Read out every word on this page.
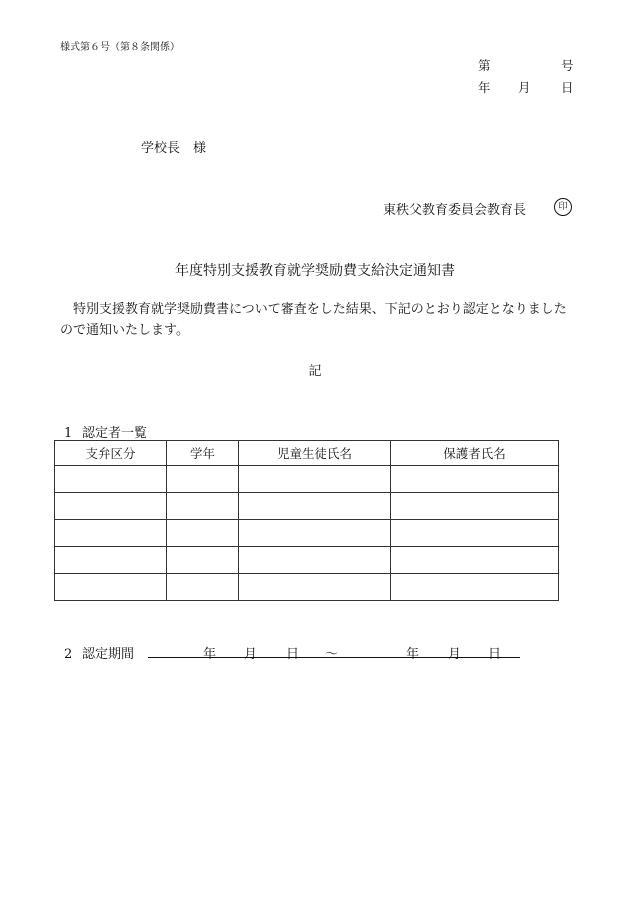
様式第６号（第８条関係）
第	号
年 月 日
学校長 様
東秩父教育委員会教育長	印
年度特別支援教育就学奨励費支給決定通知書
特別支援教育就学奨励費書について審査をした結果、下記のとおり認定となりましたので通知いたします。
記
1 認定者一覧
支弁区分	学年	児童生徒氏名	保護者氏名

2 認定期間	年 月 日 ～	年 月 日
